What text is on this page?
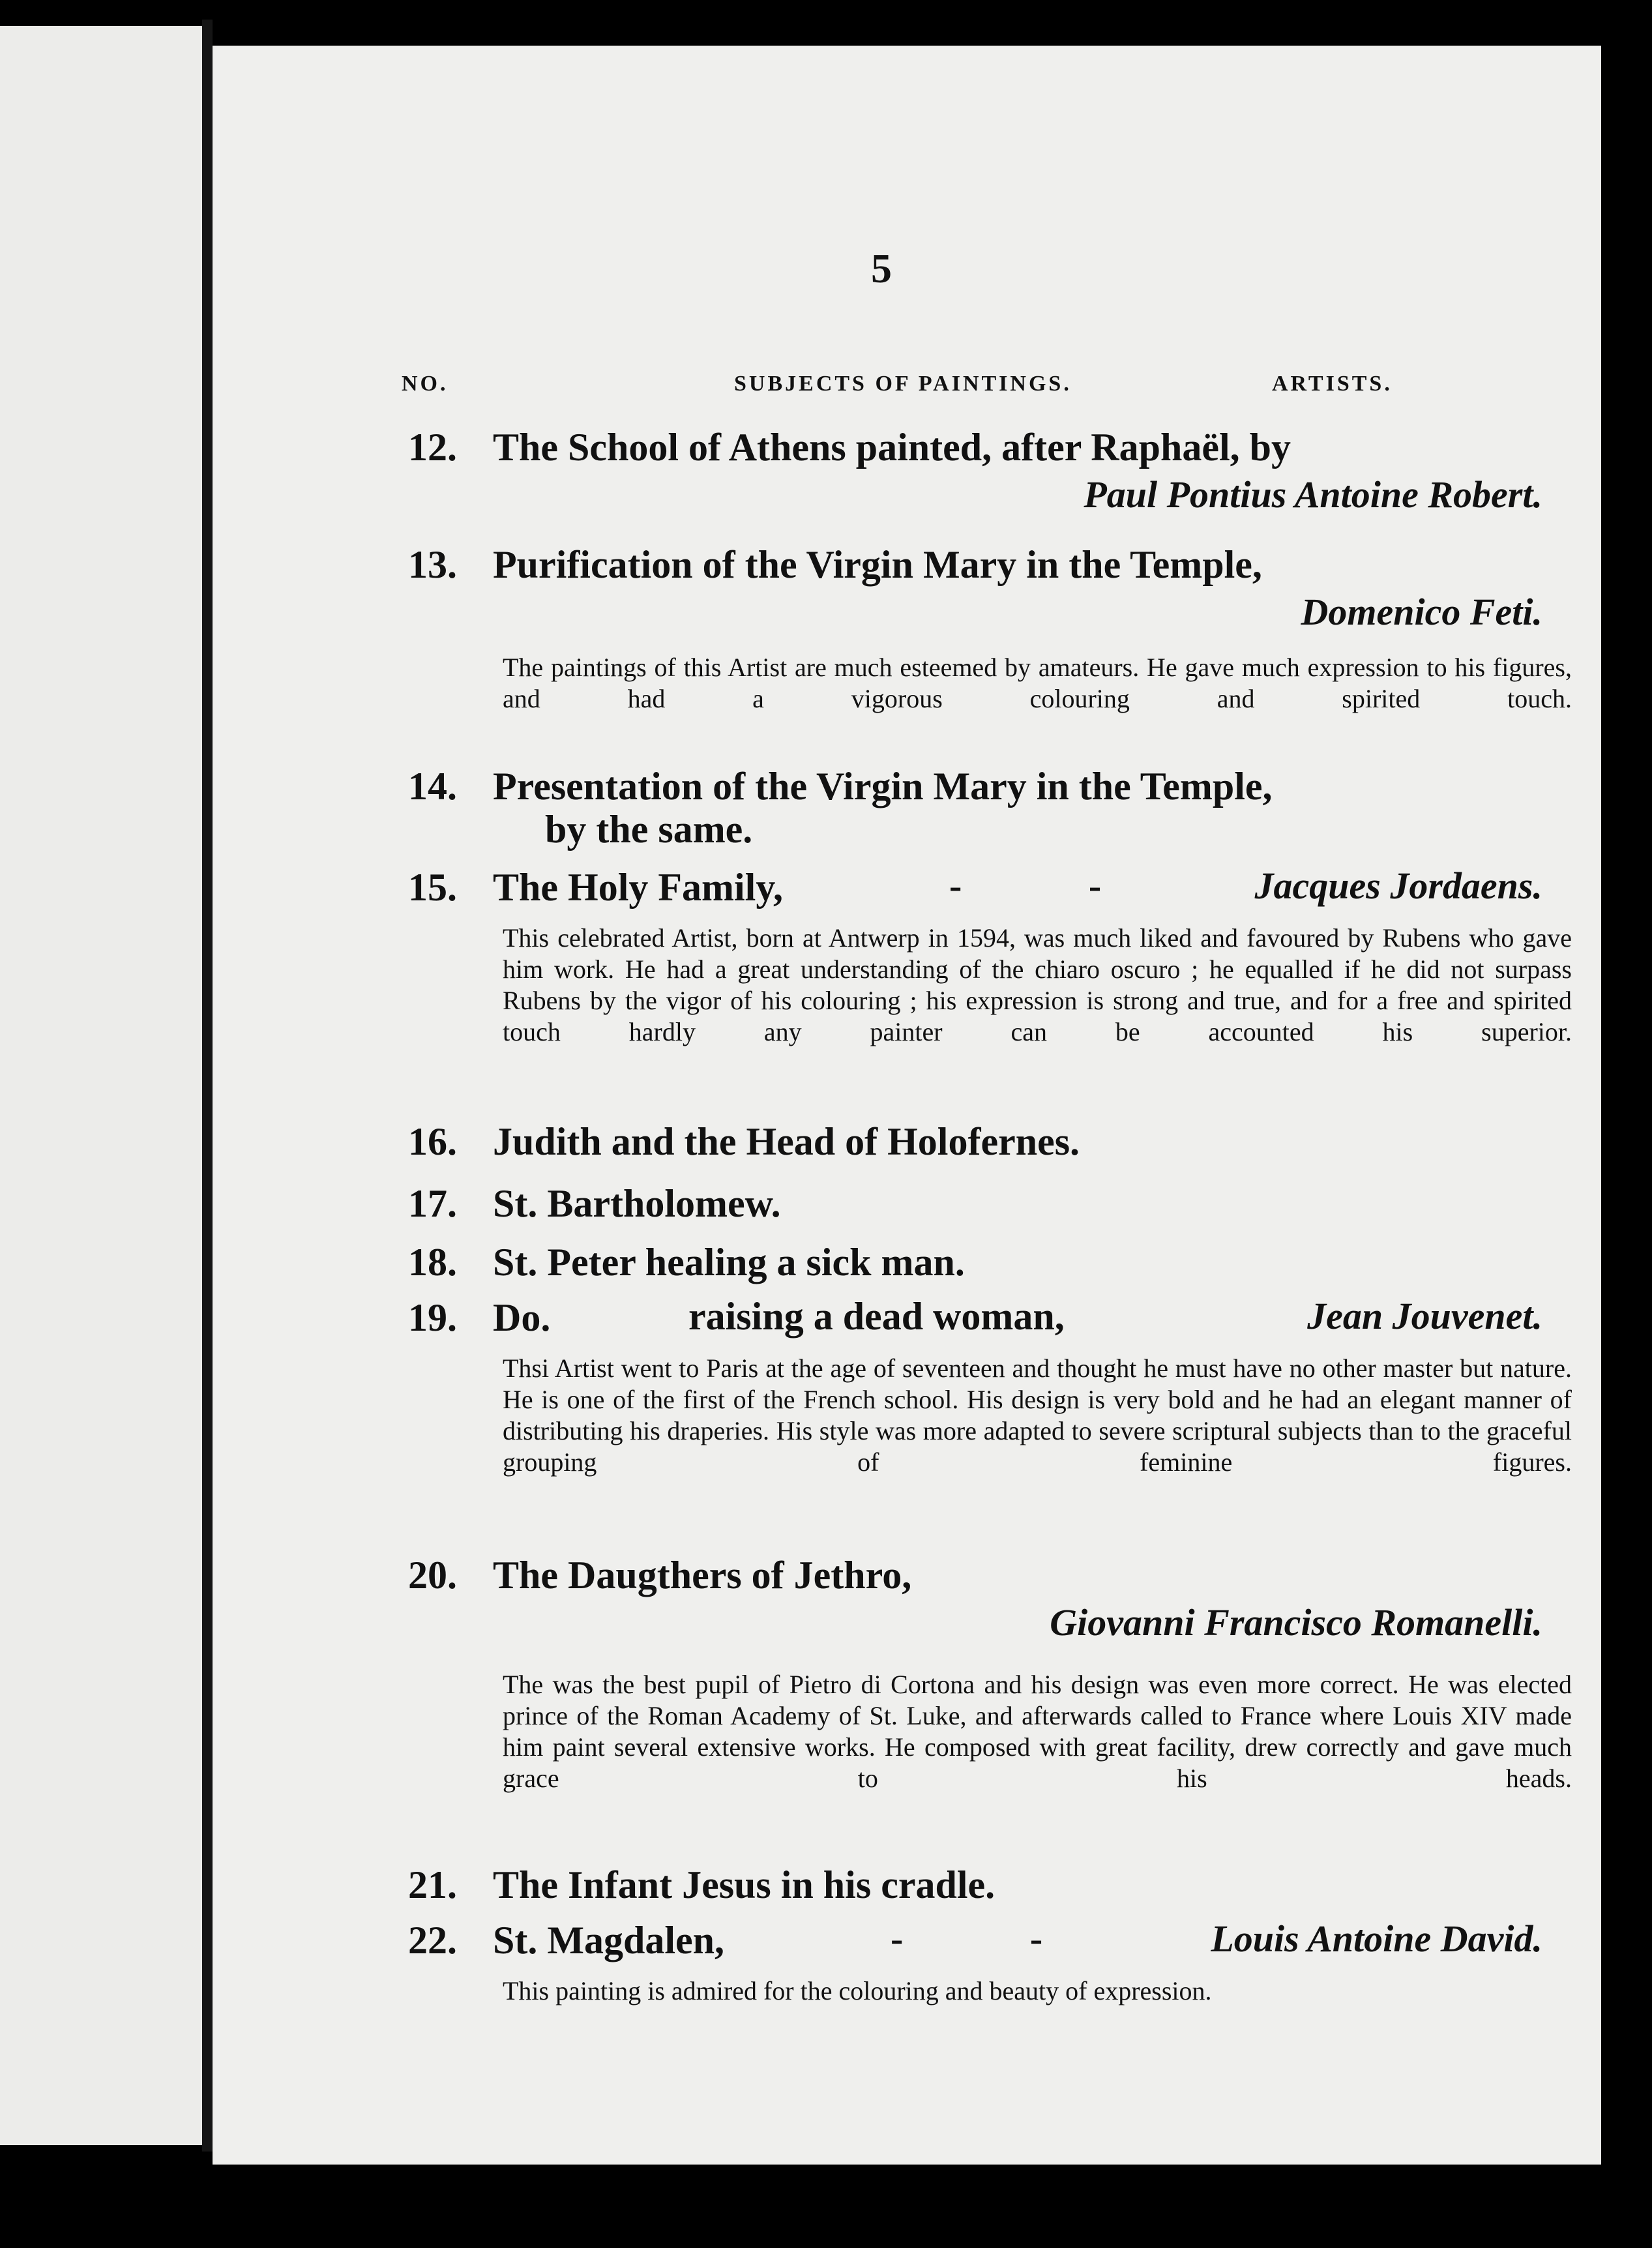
5
NO.	SUBJECTS OF PAINTINGS.	ARTISTS.
12. The School of Athens painted, after Raphaël, by
Paul Pontius Antoine Robert.
13. Purification of the Virgin Mary in the Temple,
Domenico Feti.
The paintings of this Artist are much esteemed by amateurs. He gave much expression to his figures, and had a vigorous colouring and spirited touch.
14. Presentation of the Virgin Mary in the Temple,
by the same.
15. The Holy Family,	- -	Jacques Jordaens.
This celebrated Artist, born at Antwerp in 1594, was much liked and favoured by Rubens who gave him work. He had a great understanding of the chiaro oscuro ; he equalled if he did not surpass Rubens by the vigor of his colouring ; his expression is strong and true, and for a free and spirited touch hardly any painter can be accounted his superior.
16. Judith and the Head of Holofernes.
17. St. Bartholomew.
18. St. Peter healing a sick man.
19. Do.	raising a dead woman,	Jean Jouvenet.
Thsi Artist went to Paris at the age of seventeen and thought he must have no other master but nature. He is one of the first of the French school. His design is very bold and he had an elegant manner of distributing his draperies. His style was more adapted to severe scriptural subjects than to the graceful grouping of feminine figures.
20. The Daugthers of Jethro,
Giovanni Francisco Romanelli.
The was the best pupil of Pietro di Cortona and his design was even more correct. He was elected prince of the Roman Academy of St. Luke, and afterwards called to France where Louis XIV made him paint several extensive works. He composed with great facility, drew correctly and gave much grace to his heads.
21. The Infant Jesus in his cradle.
22. St. Magdalen,	- -	Louis Antoine David.
This painting is admired for the colouring and beauty of expression.
